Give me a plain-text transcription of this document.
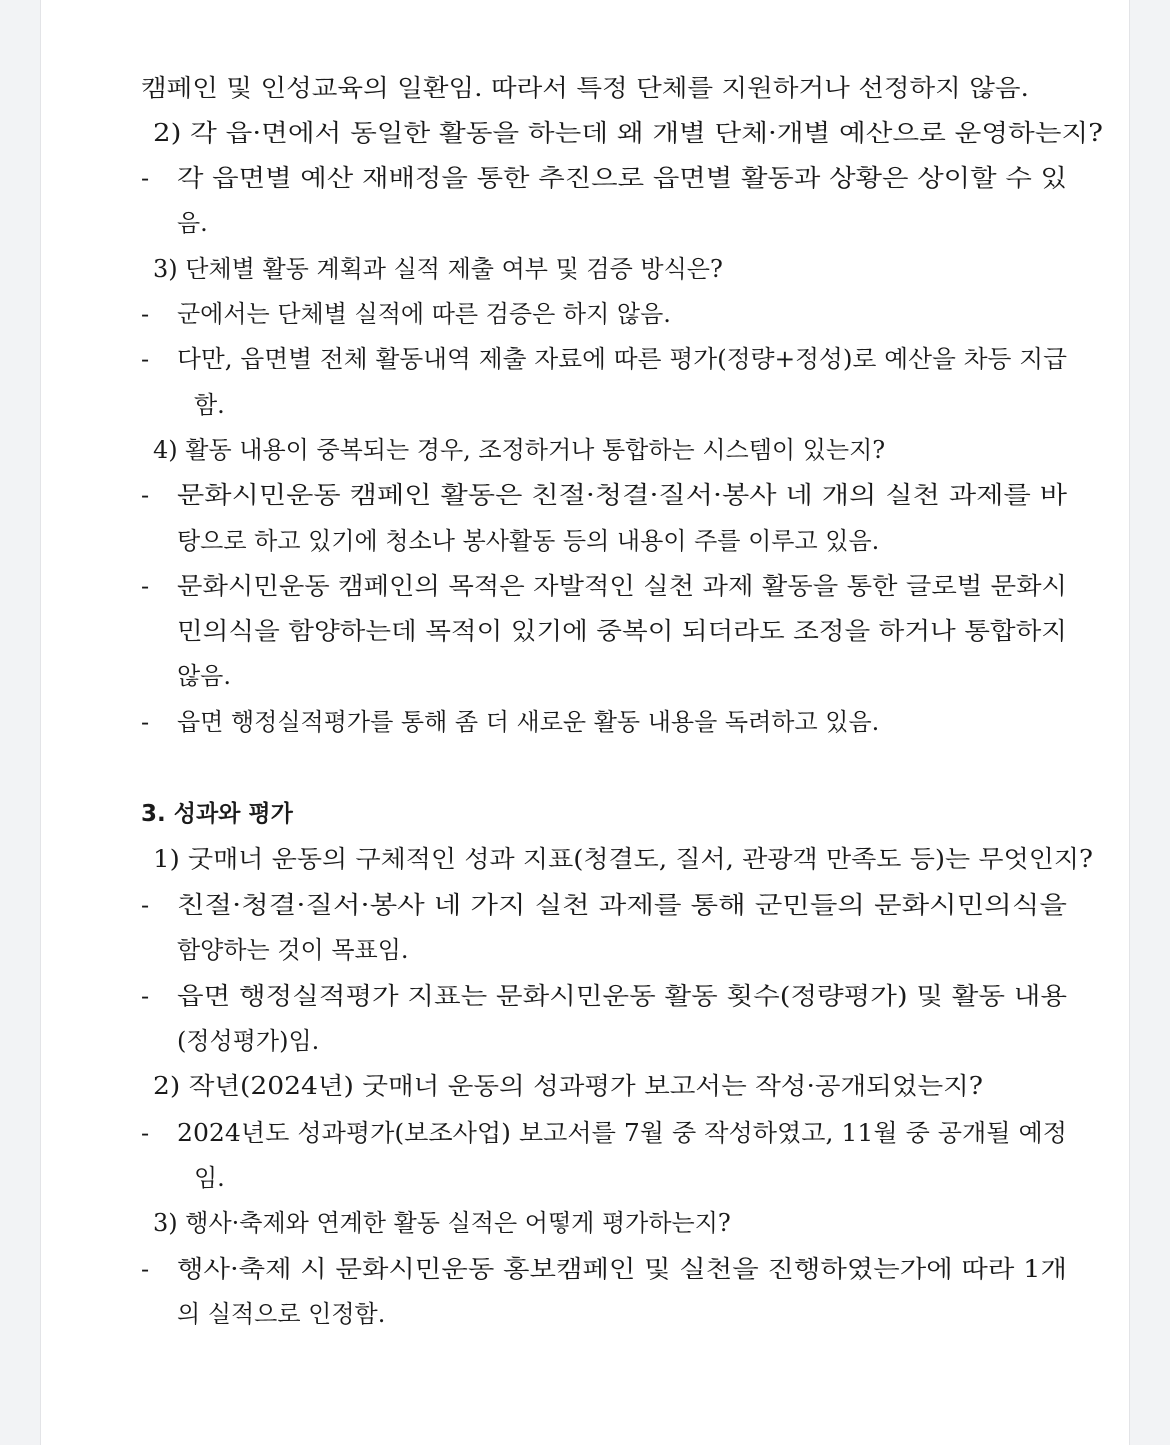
캠페인 및 인성교육의 일환임. 따라서 특정 단체를 지원하거나 선정하지 않음.
2) 각 읍·면에서 동일한 활동을 하는데 왜 개별 단체·개별 예산으로 운영하는지?
- 각 읍면별 예산 재배정을 통한 추진으로 읍면별 활동과 상황은 상이할 수 있
음.
3) 단체별 활동 계획과 실적 제출 여부 및 검증 방식은?
- 군에서는 단체별 실적에 따른 검증은 하지 않음.
- 다만, 읍면별 전체 활동내역 제출 자료에 따른 평가(정량+정성)로 예산을 차등 지급
함.
4) 활동 내용이 중복되는 경우, 조정하거나 통합하는 시스템이 있는지?
- 문화시민운동 캠페인 활동은 친절·청결·질서·봉사 네 개의 실천 과제를 바
탕으로 하고 있기에 청소나 봉사활동 등의 내용이 주를 이루고 있음.
- 문화시민운동 캠페인의 목적은 자발적인 실천 과제 활동을 통한 글로벌 문화시
민의식을 함양하는데 목적이 있기에 중복이 되더라도 조정을 하거나 통합하지
않음.
- 읍면 행정실적평가를 통해 좀 더 새로운 활동 내용을 독려하고 있음.
3. 성과와 평가
1) 굿매너 운동의 구체적인 성과 지표(청결도, 질서, 관광객 만족도 등)는 무엇인지?
- 친절·청결·질서·봉사 네 가지 실천 과제를 통해 군민들의 문화시민의식을
함양하는 것이 목표임.
- 읍면 행정실적평가 지표는 문화시민운동 활동 횟수(정량평가) 및 활동 내용
(정성평가)임.
2) 작년(2024년) 굿매너 운동의 성과평가 보고서는 작성·공개되었는지?
- 2024년도 성과평가(보조사업) 보고서를 7월 중 작성하였고, 11월 중 공개될 예정
임.
3) 행사·축제와 연계한 활동 실적은 어떻게 평가하는지?
- 행사·축제 시 문화시민운동 홍보캠페인 및 실천을 진행하였는가에 따라 1개
의 실적으로 인정함.
